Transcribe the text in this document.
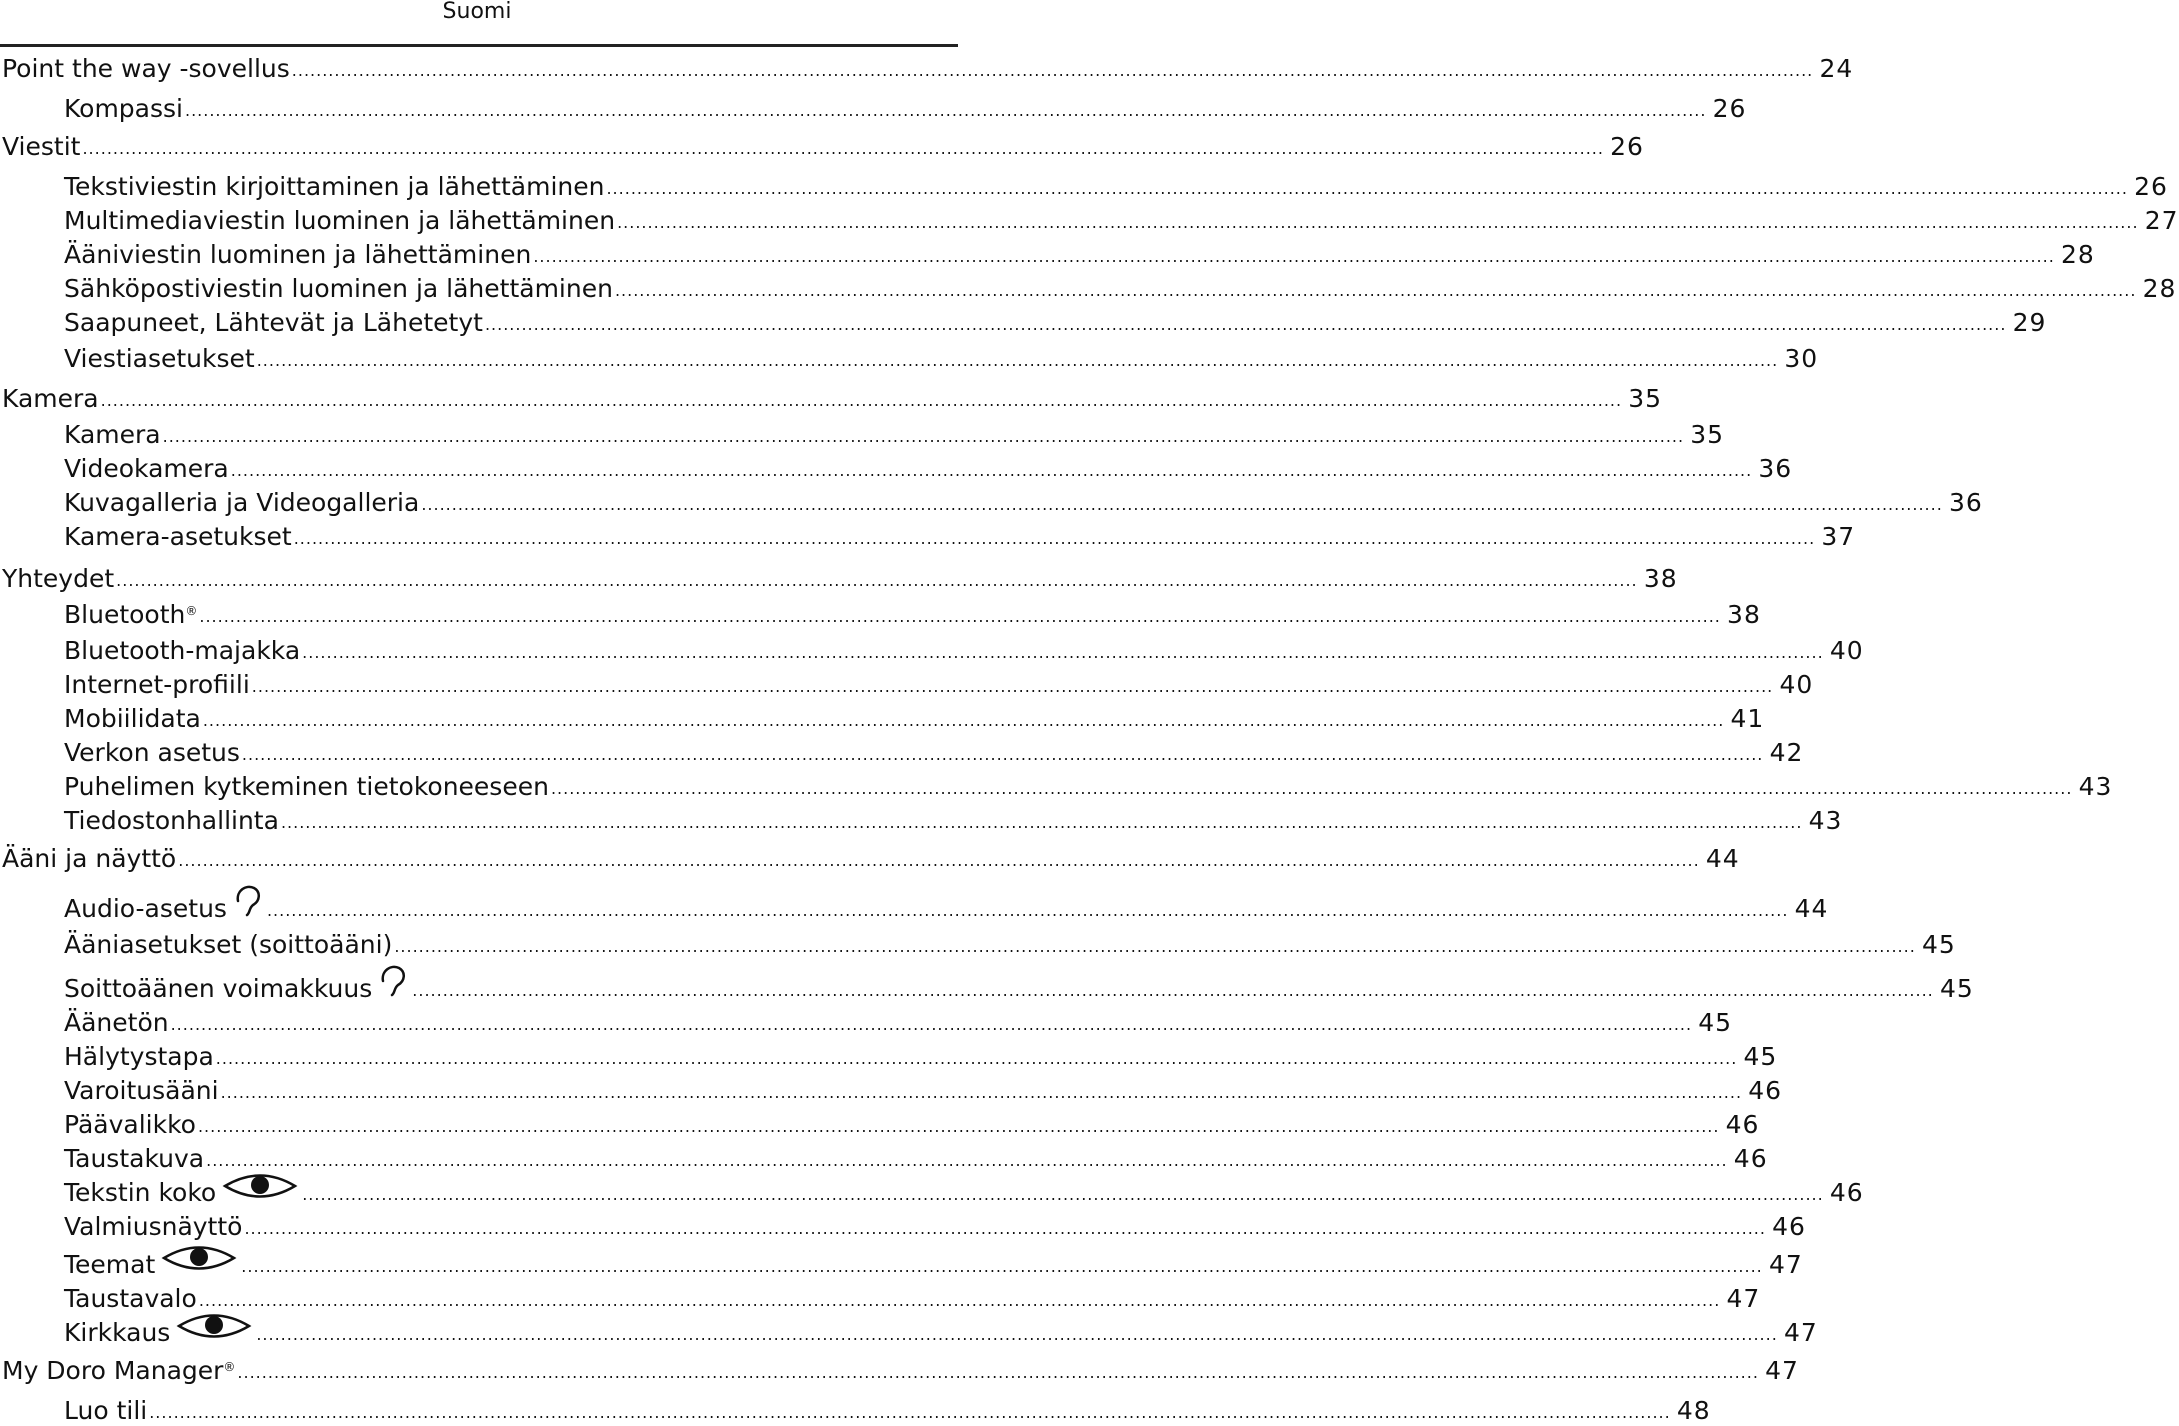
Suomi
Point the way -sovellus .......................................................................................................................................................................................................................................................... 24
Kompassi .......................................................................................................................................................................................................................................................... 26
Viestit .......................................................................................................................................................................................................................................................... 26
Tekstiviestin kirjoittaminen ja lähettäminen .......................................................................................................................................................................................................................................................... 26
Multimediaviestin luominen ja lähettäminen .......................................................................................................................................................................................................................................................... 27
Ääniviestin luominen ja lähettäminen .......................................................................................................................................................................................................................................................... 28
Sähköpostiviestin luominen ja lähettäminen .......................................................................................................................................................................................................................................................... 28
Saapuneet, Lähtevät ja Lähetetyt .......................................................................................................................................................................................................................................................... 29
Viestiasetukset .......................................................................................................................................................................................................................................................... 30
Kamera .......................................................................................................................................................................................................................................................... 35
Kamera .......................................................................................................................................................................................................................................................... 35
Videokamera .......................................................................................................................................................................................................................................................... 36
Kuvagalleria ja Videogalleria .......................................................................................................................................................................................................................................................... 36
Kamera-asetukset .......................................................................................................................................................................................................................................................... 37
Yhteydet .......................................................................................................................................................................................................................................................... 38
Bluetooth® .......................................................................................................................................................................................................................................................... 38
Bluetooth-majakka .......................................................................................................................................................................................................................................................... 40
Internet-profiili .......................................................................................................................................................................................................................................................... 40
Mobiilidata .......................................................................................................................................................................................................................................................... 41
Verkon asetus .......................................................................................................................................................................................................................................................... 42
Puhelimen kytkeminen tietokoneeseen .......................................................................................................................................................................................................................................................... 43
Tiedostonhallinta .......................................................................................................................................................................................................................................................... 43
Ääni ja näyttö .......................................................................................................................................................................................................................................................... 44
Audio-asetus	.......................................................................................................................................................................................................................................................... 44
Ääniasetukset (soittoääni) .......................................................................................................................................................................................................................................................... 45
Soittoäänen voimakkuus	.......................................................................................................................................................................................................................................................... 45
Äänetön .......................................................................................................................................................................................................................................................... 45
Hälytystapa .......................................................................................................................................................................................................................................................... 45
Varoitusääni .......................................................................................................................................................................................................................................................... 46
Päävalikko .......................................................................................................................................................................................................................................................... 46
Taustakuva .......................................................................................................................................................................................................................................................... 46
Tekstin koko	.......................................................................................................................................................................................................................................................... 46
Valmiusnäyttö .......................................................................................................................................................................................................................................................... 46
Teemat	.......................................................................................................................................................................................................................................................... 47
Taustavalo .......................................................................................................................................................................................................................................................... 47
Kirkkaus	.......................................................................................................................................................................................................................................................... 47
My Doro Manager® .......................................................................................................................................................................................................................................................... 47
Luo tili .......................................................................................................................................................................................................................................................... 48
